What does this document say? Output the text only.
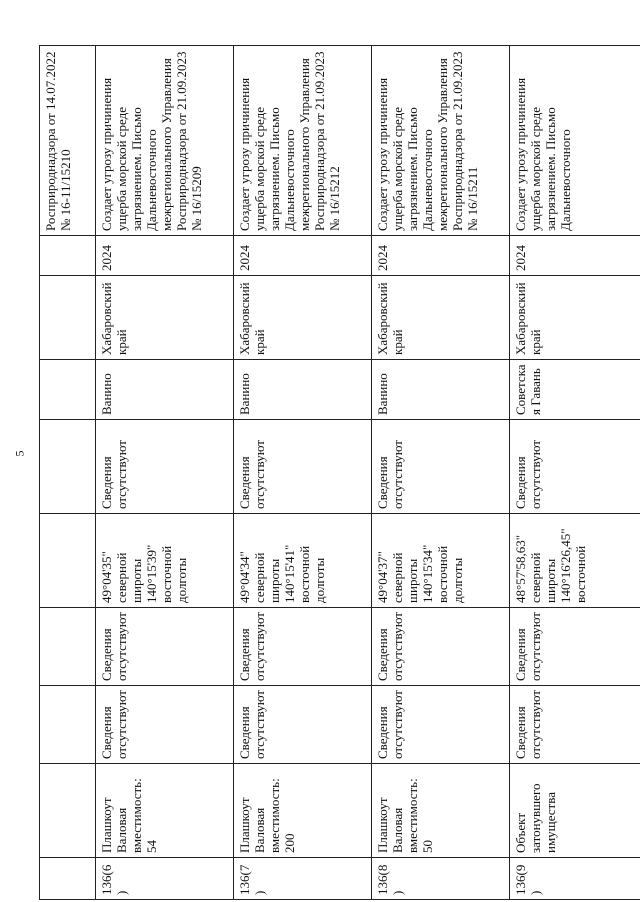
5
									Росприроднадзора от 14.07.2022 № 16-11/15210
136(6)	Плашкоут Валовая вместимость: 54	Сведения отсутствуют	Сведения отсутствуют	49°04'35" северной широты 140°15'39" восточной долготы	Сведения отсутствуют	Ванино	Хабаровский край	2024	Создает угрозу причинения ущерба морской среде загрязнением. Письмо Дальневосточного межрегионального Управления Росприроднадзора от 21.09.2023 № 16/15209
136(7)	Плашкоут Валовая вместимость: 200	Сведения отсутствуют	Сведения отсутствуют	49°04'34" северной широты 140°15'41" восточной долготы	Сведения отсутствуют	Ванино	Хабаровский край	2024	Создает угрозу причинения ущерба морской среде загрязнением. Письмо Дальневосточного межрегионального Управления Росприроднадзора от 21.09.2023 № 16/15212
136(8)	Плашкоут Валовая вместимость: 50	Сведения отсутствуют	Сведения отсутствуют	49°04'37" северной широты 140°15'34" восточной долготы	Сведения отсутствуют	Ванино	Хабаровский край	2024	Создает угрозу причинения ущерба морской среде загрязнением. Письмо Дальневосточного межрегионального Управления Росприроднадзора от 21.09.2023 № 16/15211
136(9)	Объект затонувшего имущества	Сведения отсутствуют	Сведения отсутствуют	48°57'58,63" северной широты 140°16'26,45" восточной	Сведения отсутствуют	Советская Гавань	Хабаровский край	2024	Создает угрозу причинения ущерба морской среде загрязнением. Письмо Дальневосточного
